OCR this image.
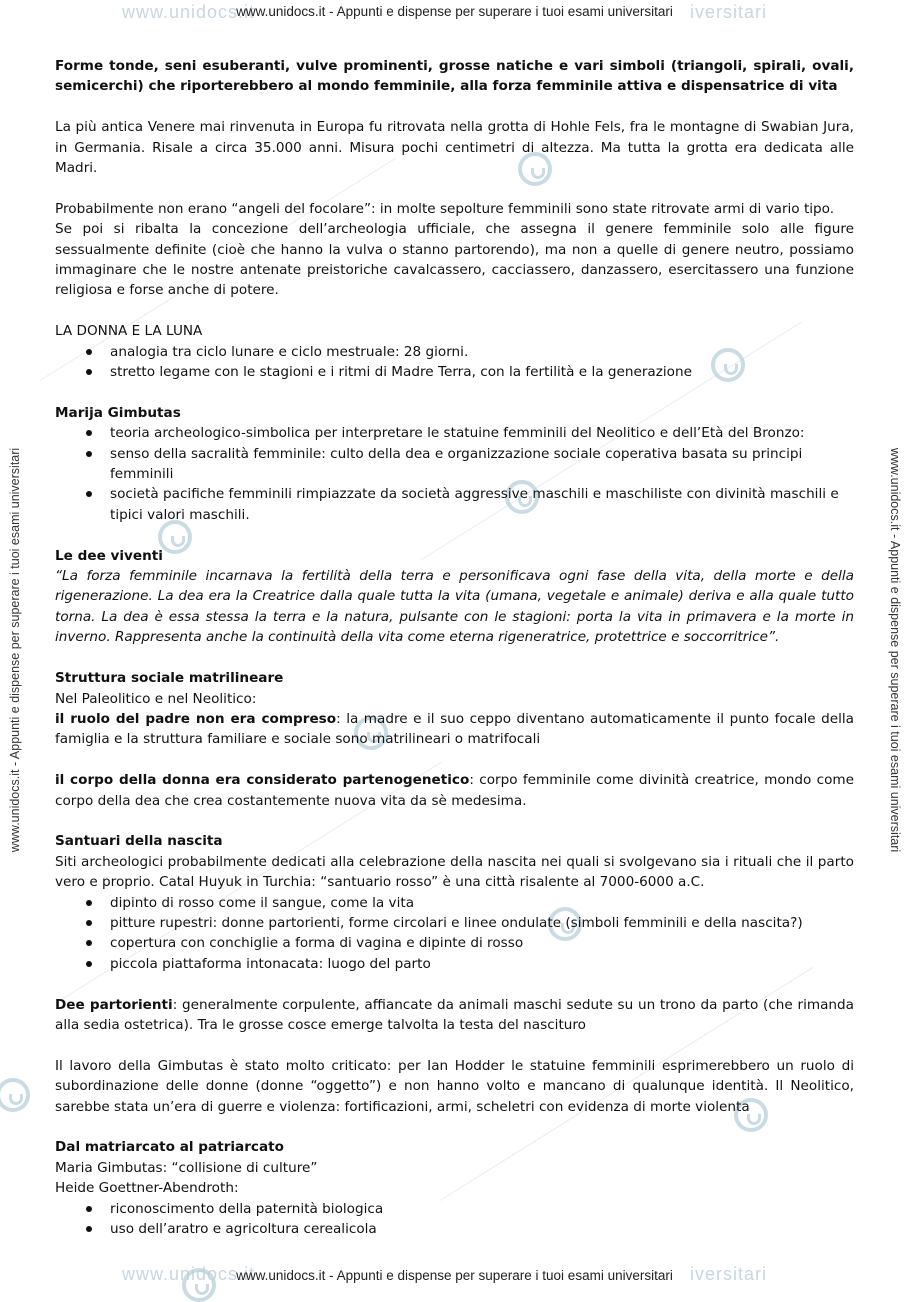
www.unidocs.it	iversitari
www.unidocs.it - Appunti e dispense per superare i tuoi esami universitari
www.unidocs.it	iversitari
www.unidocs.it - Appunti e dispense per superare i tuoi esami universitari
www.unidocs.it - Appunti e dispense per superare i tuoi esami universitari	www.unidocs.it - Appunti e dispense per superare i tuoi esami universitari

Forme tonde, seni esuberanti, vulve prominenti, grosse natiche e vari simboli (triangoli, spirali, ovali, semicerchi) che riporterebbero al mondo femminile, alla forza femminile attiva e dispensatrice di vita

La più antica Venere mai rinvenuta in Europa fu ritrovata nella grotta di Hohle Fels, fra le montagne di Swabian Jura, in Germania. Risale a circa 35.000 anni. Misura pochi centimetri di altezza. Ma tutta la grotta era dedicata alle Madri.

Probabilmente non erano “angeli del focolare”: in molte sepolture femminili sono state ritrovate armi di vario tipo.

Se poi si ribalta la concezione dell’archeologia ufficiale, che assegna il genere femminile solo alle figure sessualmente definite (cioè che hanno la vulva o stanno partorendo), ma non a quelle di genere neutro, possiamo immaginare che le nostre antenate preistoriche cavalcassero, cacciassero, danzassero, esercitassero una funzione religiosa e forse anche di potere.

LA DONNA E LA LUNA

analogia tra ciclo lunare e ciclo mestruale: 28 giorni.
stretto legame con le stagioni e i ritmi di Madre Terra, con la fertilità e la generazione

Marija Gimbutas

teoria archeologico-simbolica per interpretare le statuine femminili del Neolitico e dell’Età del Bronzo:
senso della sacralità femminile: culto della dea e organizzazione sociale coperativa basata su principi femminili
società pacifiche femminili rimpiazzate da società aggressive maschili e maschiliste con divinità maschili e tipici valori maschili.

Le dee viventi

“La forza femminile incarnava la fertilità della terra e personificava ogni fase della vita, della morte e della rigenerazione. La dea era la Creatrice dalla quale tutta la vita (umana, vegetale e animale) deriva e alla quale tutto torna. La dea è essa stessa la terra e la natura, pulsante con le stagioni: porta la vita in primavera e la morte in inverno. Rappresenta anche la continuità della vita come eterna rigeneratrice, protettrice e soccorritrice”.

Struttura sociale matrilineare

Nel Paleolitico e nel Neolitico:

il ruolo del padre non era compreso: la madre e il suo ceppo diventano automaticamente il punto focale della famiglia e la struttura familiare e sociale sono matrilineari o matrifocali

il corpo della donna era considerato partenogenetico: corpo femminile come divinità creatrice, mondo come corpo della dea che crea costantemente nuova vita da sè medesima.

Santuari della nascita

Siti archeologici probabilmente dedicati alla celebrazione della nascita nei quali si svolgevano sia i rituali che il parto vero e proprio. Catal Huyuk in Turchia: “santuario rosso” è una città risalente al 7000-6000 a.C.

dipinto di rosso come il sangue, come la vita
pitture rupestri: donne partorienti, forme circolari e linee ondulate (simboli femminili e della nascita?)
copertura con conchiglie a forma di vagina e dipinte di rosso
piccola piattaforma intonacata: luogo del parto

Dee partorienti: generalmente corpulente, affiancate da animali maschi sedute su un trono da parto (che rimanda alla sedia ostetrica). Tra le grosse cosce emerge talvolta la testa del nascituro

Il lavoro della Gimbutas è stato molto criticato: per Ian Hodder le statuine femminili esprimerebbero un ruolo di subordinazione delle donne (donne “oggetto”) e non hanno volto e mancano di qualunque identità. Il Neolitico, sarebbe stata un’era di guerre e violenza: fortificazioni, armi, scheletri con evidenza di morte violenta

Dal matriarcato al patriarcato

Maria Gimbutas: “collisione di culture”

Heide Goettner-Abendroth:

riconoscimento della paternità biologica
uso dell’aratro e agricoltura cerealicola
